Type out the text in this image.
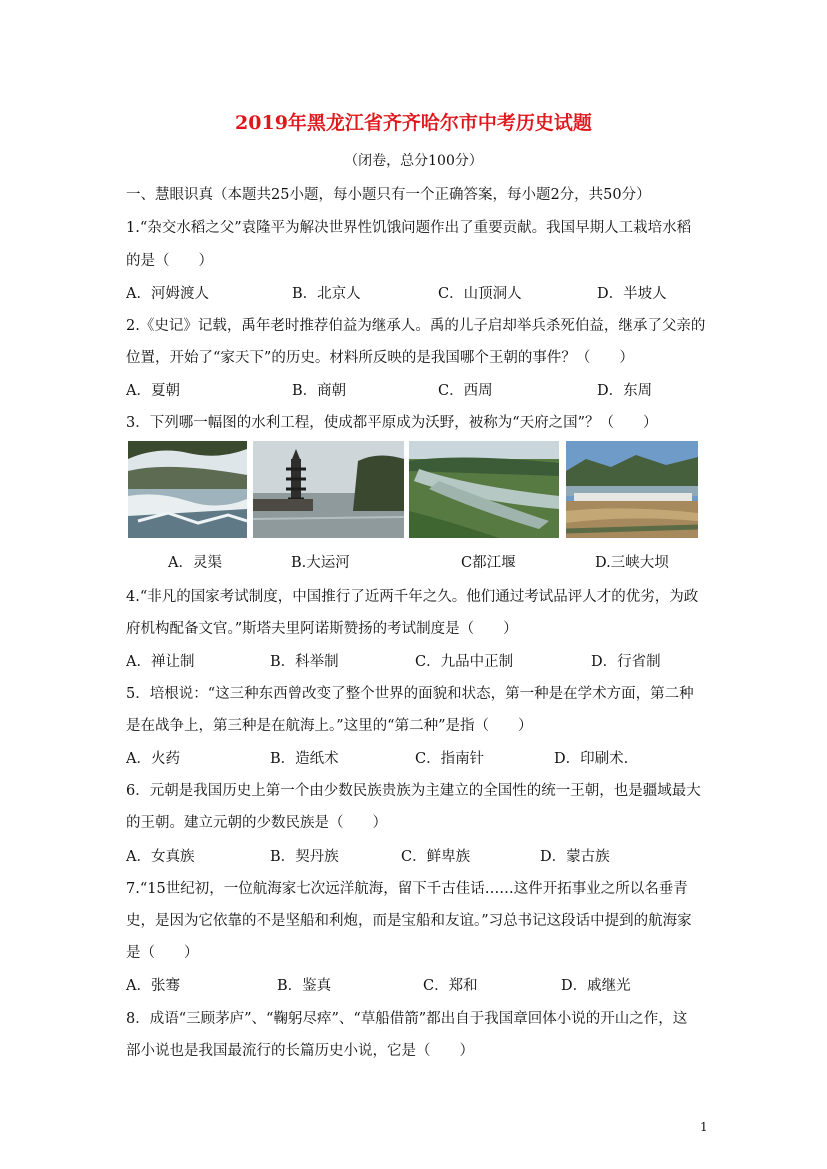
2019年黑龙江省齐齐哈尔市中考历史试题
（闭卷，总分100分）
一、慧眼识真（本题共25小题，每小题只有一个正确答案，每小题2分，共50分）
1.“杂交水稻之父”袁隆平为解决世界性饥饿问题作出了重要贡献。我国早期人工栽培水稻
的是（　　）
A．河姆渡人	B．北京人	C．山顶洞人	D．半坡人
2.《史记》记载，禹年老时推荐伯益为继承人。禹的儿子启却举兵杀死伯益，继承了父亲的
位置，开始了“家天下”的历史。材料所反映的是我国哪个王朝的事件？（　　）
A．夏朝	B．商朝	C．西周	D．东周
3．下列哪一幅图的水利工程，使成都平原成为沃野，被称为“天府之国”？（　　）
A．灵渠	B.大运河	C都江堰	D.三峡大坝
4.“非凡的国家考试制度，中国推行了近两千年之久。他们通过考试品评人才的优劣，为政
府机构配备文官。”斯塔夫里阿诺斯赞扬的考试制度是（　　）
A．禅让制	B．科举制	C．九品中正制	D．行省制
5．培根说：“这三种东西曾改变了整个世界的面貌和状态，第一种是在学术方面，第二种
是在战争上，第三种是在航海上。”这里的“第二种”是指（　　）
A．火药	B．造纸术	C．指南针	D．印刷术.
6．元朝是我国历史上第一个由少数民族贵族为主建立的全国性的统一王朝，也是疆域最大
的王朝。建立元朝的少数民族是（　　）
A．女真族	B．契丹族	C．鲜卑族	D．蒙古族
7.“15世纪初，一位航海家七次远洋航海，留下千古佳话……这件开拓事业之所以名垂青
史，是因为它依靠的不是坚船和利炮，而是宝船和友谊。”习总书记这段话中提到的航海家
是（　　）
A．张骞	B．鉴真	C．郑和	D．戚继光
8．成语“三顾茅庐”、“鞠躬尽瘁”、“草船借箭”都出自于我国章回体小说的开山之作，这
部小说也是我国最流行的长篇历史小说，它是（　　）
1
